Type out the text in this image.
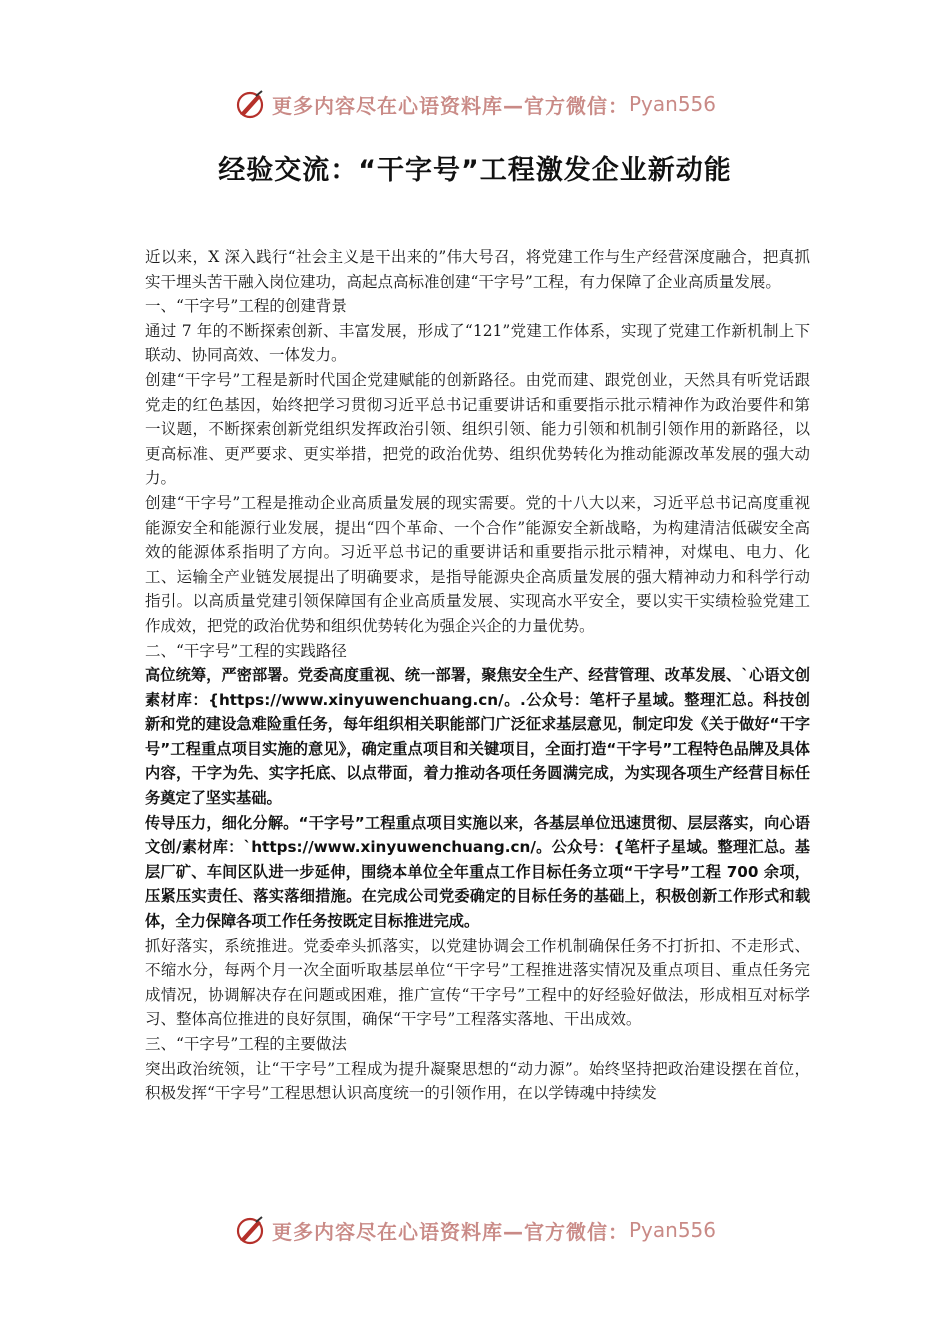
更多内容尽在心语资料库—官方微信： Pyan556
经验交流：“干字号”工程激发企业新动能

近以来，X 深入践行“社会主义是干出来的”伟大号召，将党建工作与生产经营深度融合，把真抓实干埋头苦干融入岗位建功，高起点高标准创建“干字号”工程，有力保障了企业高质量发展。

一、“干字号”工程的创建背景

通过 7 年的不断探索创新、丰富发展，形成了“121”党建工作体系，实现了党建工作新机制上下联动、协同高效、一体发力。

创建“干字号”工程是新时代国企党建赋能的创新路径。由党而建、跟党创业，天然具有听党话跟党走的红色基因，始终把学习贯彻习近平总书记重要讲话和重要指示批示精神作为政治要件和第一议题，不断探索创新党组织发挥政治引领、组织引领、能力引领和机制引领作用的新路径，以更高标准、更严要求、更实举措，把党的政治优势、组织优势转化为推动能源改革发展的强大动力。

创建“干字号”工程是推动企业高质量发展的现实需要。党的十八大以来，习近平总书记高度重视能源安全和能源行业发展，提出“四个革命、一个合作”能源安全新战略，为构建清洁低碳安全高效的能源体系指明了方向。习近平总书记的重要讲话和重要指示批示精神，对煤电、电力、化工、运输全产业链发展提出了明确要求，是指导能源央企高质量发展的强大精神动力和科学行动指引。以高质量党建引领保障国有企业高质量发展、实现高水平安全，要以实干实绩检验党建工作成效，把党的政治优势和组织优势转化为强企兴企的力量优势。

二、“干字号”工程的实践路径

高位统筹，严密部署。党委高度重视、统一部署，聚焦安全生产、经营管理、改革发展、`心语文创素材库：{https://www.xinyuwenchuang.cn/。.公众号：笔杆子星域。整理汇总。科技创新和党的建设急难险重任务，每年组织相关职能部门广泛征求基层意见，制定印发《关于做好“干字号”工程重点项目实施的意见》，确定重点项目和关键项目，全面打造“干字号”工程特色品牌及具体内容，干字为先、实字托底、以点带面，着力推动各项任务圆满完成，为实现各项生产经营目标任务奠定了坚实基础。

传导压力，细化分解。“干字号”工程重点项目实施以来，各基层单位迅速贯彻、层层落实，向心语文创/素材库：`https://www.xinyuwenchuang.cn/。公众号：{笔杆子星域。整理汇总。基层厂矿、车间区队进一步延伸，围绕本单位全年重点工作目标任务立项“干字号”工程 700 余项，压紧压实责任、落实落细措施。在完成公司党委确定的目标任务的基础上，积极创新工作形式和载体，全力保障各项工作任务按既定目标推进完成。

抓好落实，系统推进。党委牵头抓落实，以党建协调会工作机制确保任务不打折扣、不走形式、不缩水分，每两个月一次全面听取基层单位“干字号”工程推进落实情况及重点项目、重点任务完成情况，协调解决存在问题或困难，推广宣传“干字号”工程中的好经验好做法，形成相互对标学习、整体高位推进的良好氛围，确保“干字号”工程落实落地、干出成效。

三、“干字号”工程的主要做法

突出政治统领，让“干字号”工程成为提升凝聚思想的“动力源”。始终坚持把政治建设摆在首位，积极发挥“干字号”工程思想认识高度统一的引领作用，在以学铸魂中持续发

更多内容尽在心语资料库—官方微信： Pyan556
